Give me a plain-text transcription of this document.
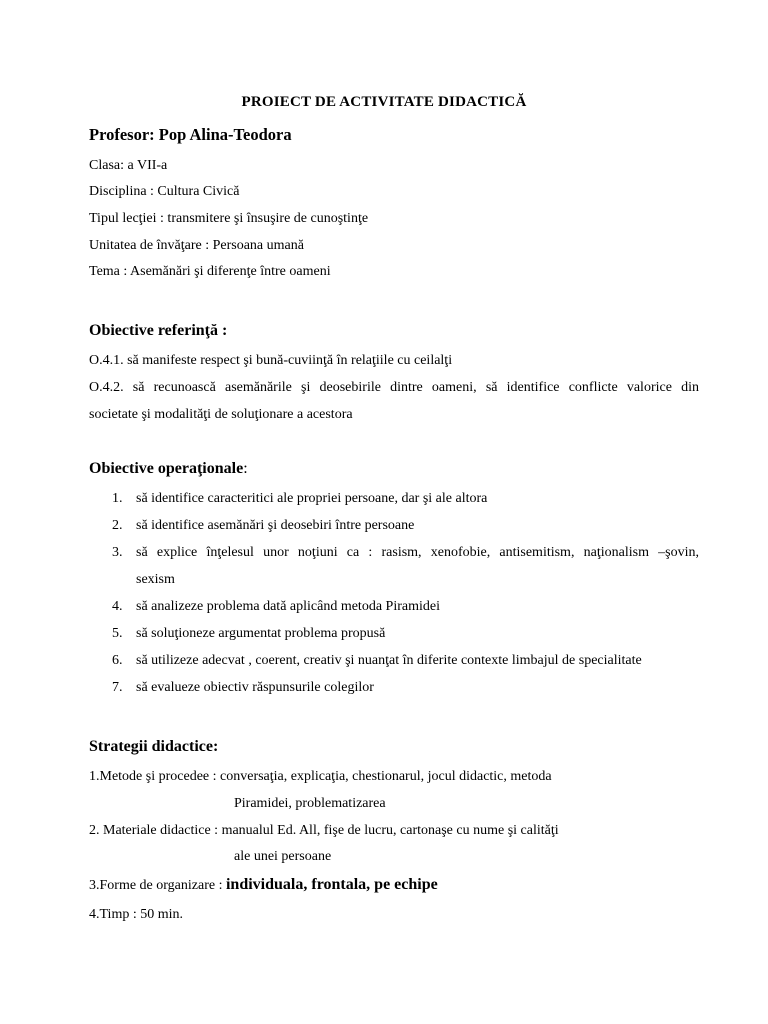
PROIECT DE ACTIVITATE DIDACTICĂ
Profesor: Pop Alina-Teodora
Clasa: a VII-a
Disciplina : Cultura Civică
Tipul lecţiei : transmitere şi însuşire de cunoştinţe
Unitatea de învăţare : Persoana umană
Tema : Asemănări şi diferenţe între oameni
Obiective referinţă :
O.4.1. să manifeste respect şi bună-cuviinţă în relaţiile cu ceilalţi
O.4.2. să recunoască asemănările şi deosebirile dintre oameni, să identifice conflicte valorice din
societate şi modalităţi de soluţionare a acestora
Obiective operaţionale:
1. să identifice caracteritici ale propriei persoane, dar şi ale altora
2. să identifice asemănări şi deosebiri între persoane
3. să explice înţelesul unor noţiuni ca : rasism, xenofobie, antisemitism, naţionalism –şovin,
sexism
4. să analizeze problema dată aplicând metoda Piramidei
5. să soluţioneze argumentat problema propusă
6. să utilizeze adecvat , coerent, creativ şi nuanţat în diferite contexte limbajul de specialitate
7. să evalueze obiectiv răspunsurile colegilor
Strategii didactice:
1.Metode şi procedee : conversaţia, explicaţia, chestionarul, jocul didactic, metoda
Piramidei, problematizarea
2. Materiale didactice : manualul Ed. All, fişe de lucru, cartonaşe cu nume şi calităţi
ale unei persoane
3.Forme de organizare : individuala, frontala, pe echipe
4.Timp : 50 min.
